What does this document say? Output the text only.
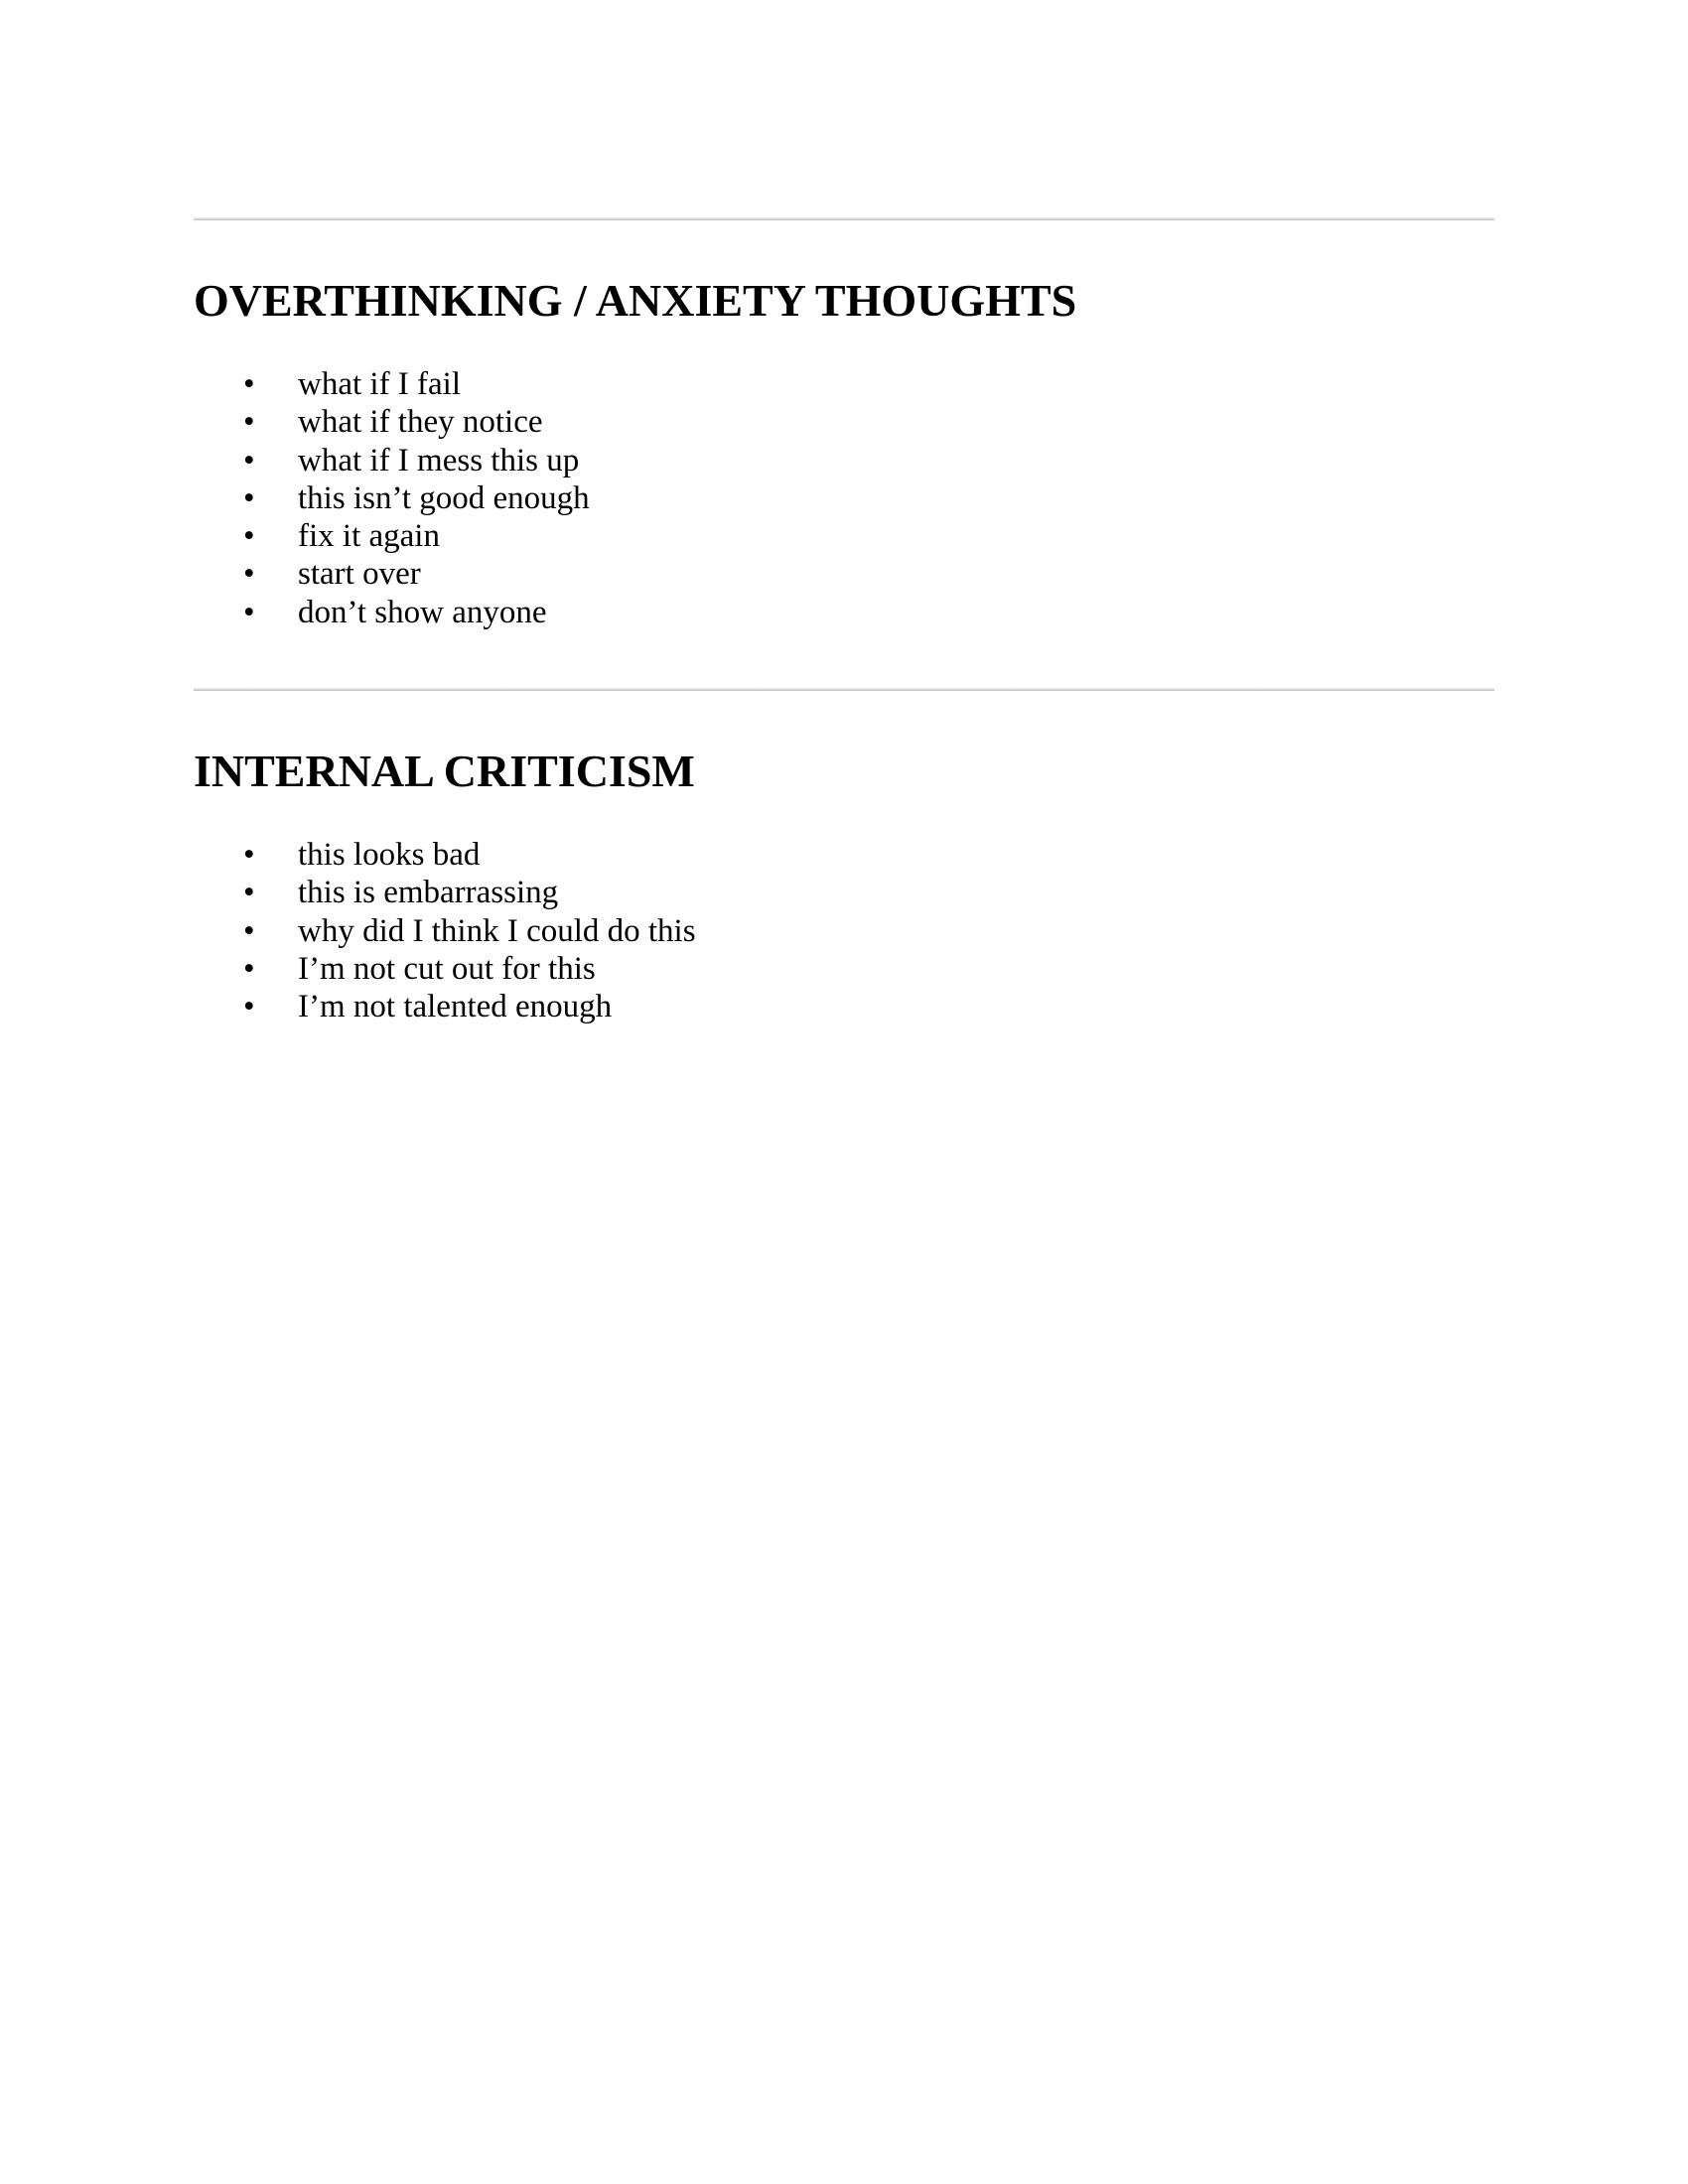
OVERTHINKING / ANXIETY THOUGHTS
• what if I fail
• what if they notice
• what if I mess this up
• this isn’t good enough
• fix it again
• start over
• don’t show anyone
INTERNAL CRITICISM
• this looks bad
• this is embarrassing
• why did I think I could do this
• I’m not cut out for this
• I’m not talented enough
